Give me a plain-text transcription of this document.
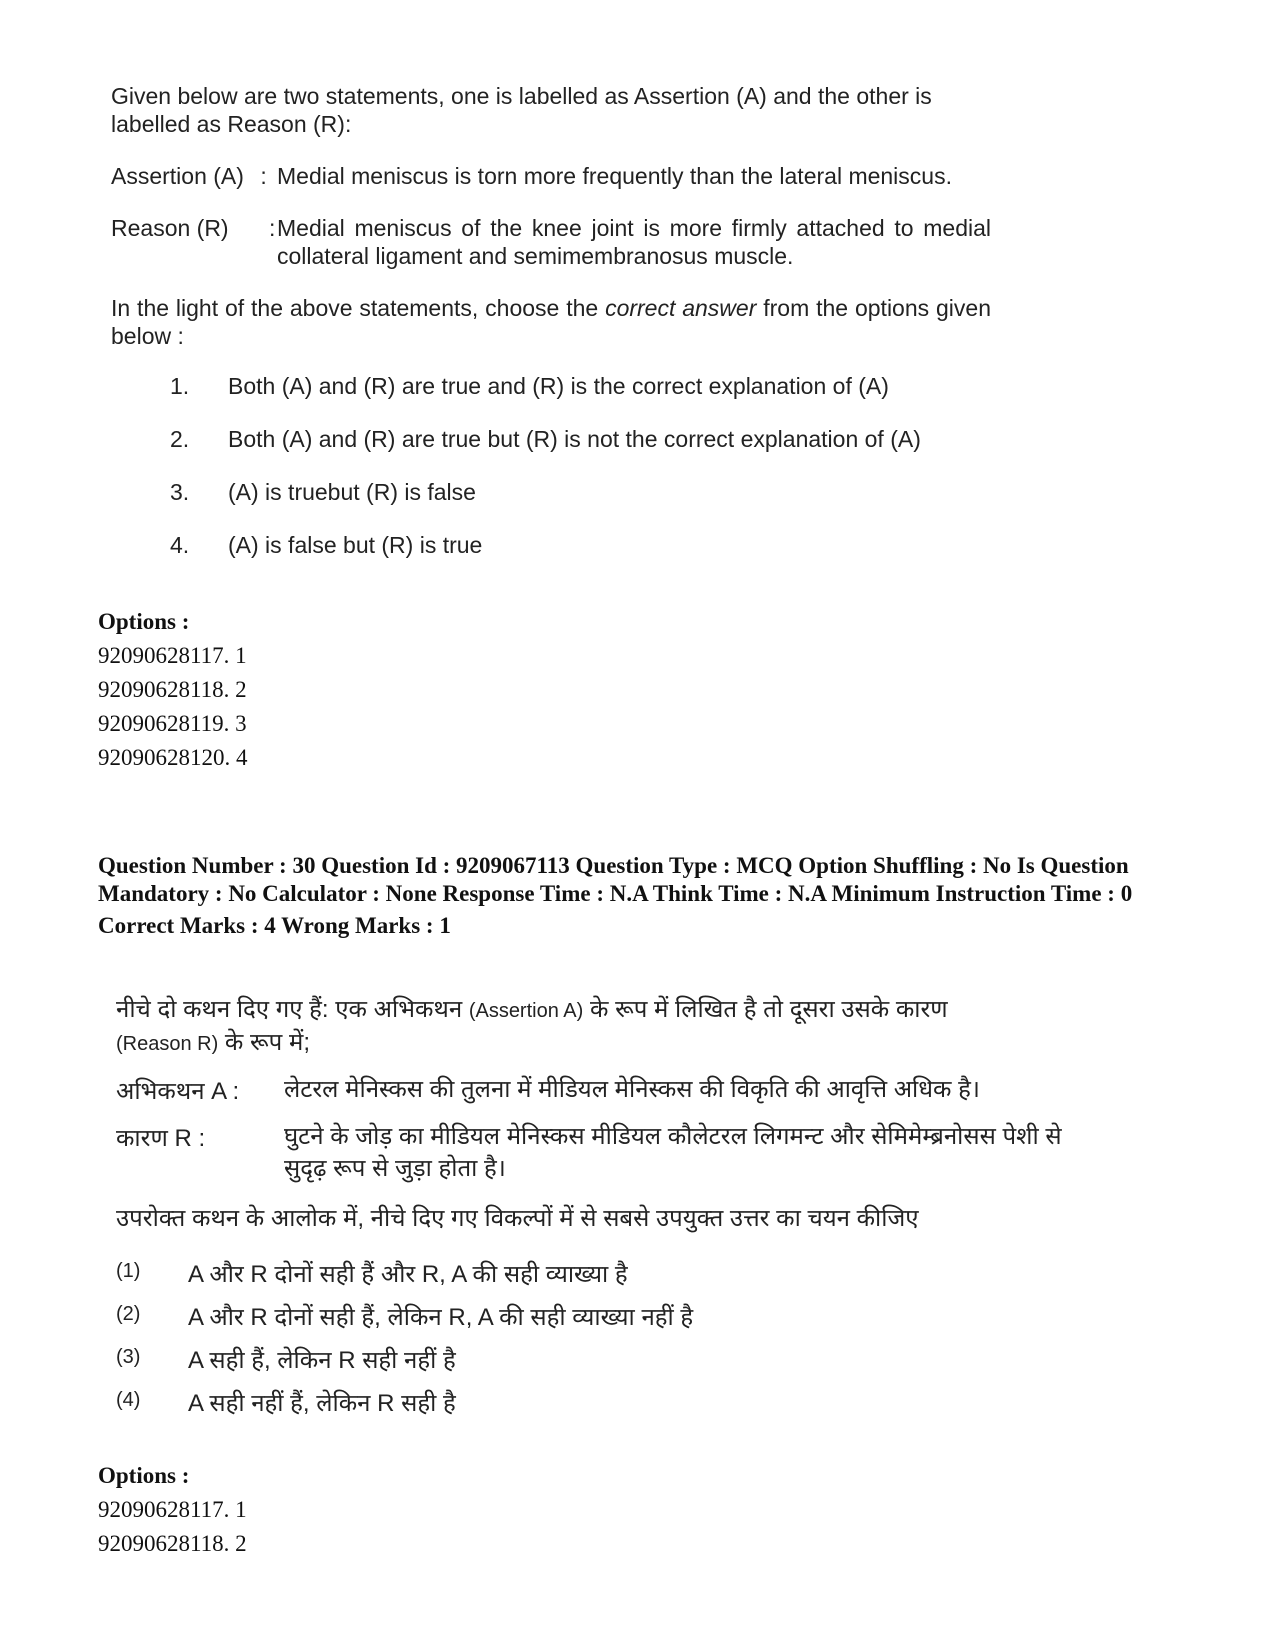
Given below are two statements, one is labelled as Assertion (A) and the other is labelled as Reason (R):

Assertion (A) : Medial meniscus is torn more frequently than the lateral meniscus.
Reason (R) : Medial meniscus of the knee joint is more firmly attached to medial collateral ligament and semimembranosus muscle.
In the light of the above statements, choose the correct answer from the options given below :
1.	Both (A) and (R) are true and (R) is the correct explanation of (A)
2.	Both (A) and (R) are true but (R) is not the correct explanation of (A)
3.	(A) is truebut (R) is false
4.	(A) is false but (R) is true
Options :
92090628117. 1
92090628118. 2
92090628119. 3
92090628120. 4
Question Number : 30 Question Id : 9209067113 Question Type : MCQ Option Shuffling : No Is Question Mandatory : No Calculator : None Response Time : N.A Think Time : N.A Minimum Instruction Time : 0
Correct Marks : 4 Wrong Marks : 1
नीचे दो कथन दिए गए हैं: एक अभिकथन (Assertion A) के रूप में लिखित है तो दूसरा उसके कारण
(Reason R) के रूप में;
अभिकथन A :	लेटरल मेनिस्कस की तुलना में मीडियल मेनिस्कस की विकृति की आवृत्ति अधिक है।
कारण R :	घुटने के जोड़ का मीडियल मेनिस्कस मीडियल कौलेटरल लिगमन्ट और सेमिमेम्ब्रनोसस पेशी से सुदृढ़ रूप से जुड़ा होता है।
उपरोक्त कथन के आलोक में, नीचे दिए गए विकल्पों में से सबसे उपयुक्त उत्तर का चयन कीजिए
(1)	A और R दोनों सही हैं और R, A की सही व्याख्या है
(2)	A और R दोनों सही हैं, लेकिन R, A की सही व्याख्या नहीं है
(3)	A सही हैं, लेकिन R सही नहीं है
(4)	A सही नहीं हैं, लेकिन R सही है
Options :
92090628117. 1
92090628118. 2
